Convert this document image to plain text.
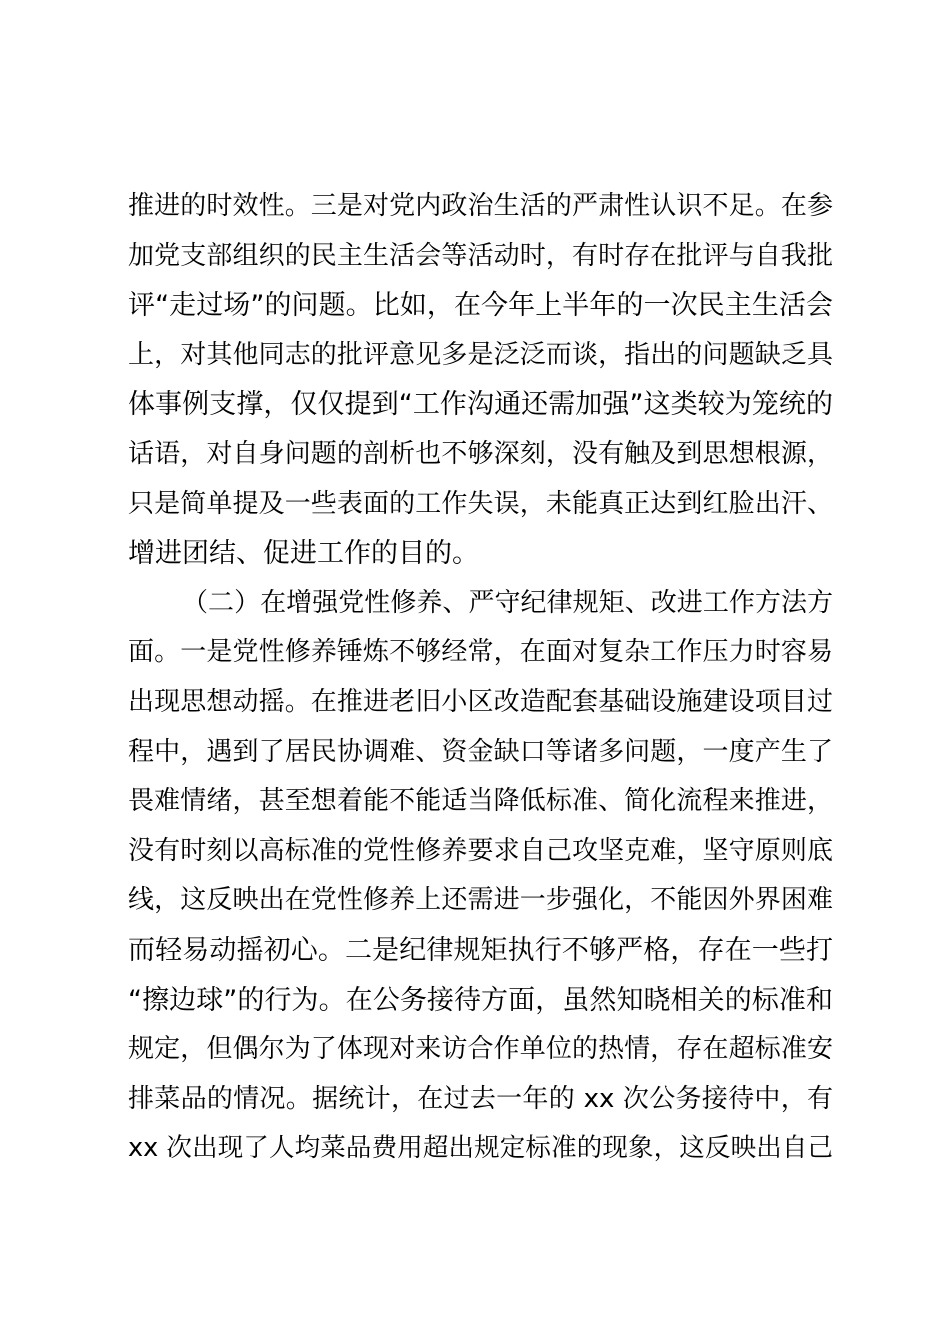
推进的时效性。三是对党内政治生活的严肃性认识不足。在参
加党支部组织的民主生活会等活动时，有时存在批评与自我批
评“走过场”的问题。比如，在今年上半年的一次民主生活会
上，对其他同志的批评意见多是泛泛而谈，指出的问题缺乏具
体事例支撑，仅仅提到“工作沟通还需加强”这类较为笼统的
话语，对自身问题的剖析也不够深刻，没有触及到思想根源，
只是简单提及一些表面的工作失误，未能真正达到红脸出汗、
增进团结、促进工作的目的。
（二）在增强党性修养、严守纪律规矩、改进工作方法方
面。一是党性修养锤炼不够经常，在面对复杂工作压力时容易
出现思想动摇。在推进老旧小区改造配套基础设施建设项目过
程中，遇到了居民协调难、资金缺口等诸多问题，一度产生了
畏难情绪，甚至想着能不能适当降低标准、简化流程来推进，
没有时刻以高标准的党性修养要求自己攻坚克难，坚守原则底
线，这反映出在党性修养上还需进一步强化，不能因外界困难
而轻易动摇初心。二是纪律规矩执行不够严格，存在一些打
“擦边球”的行为。在公务接待方面，虽然知晓相关的标准和
规定，但偶尔为了体现对来访合作单位的热情，存在超标准安
排菜品的情况。据统计，在过去一年的 xx 次公务接待中，有
xx 次出现了人均菜品费用超出规定标准的现象，这反映出自己
